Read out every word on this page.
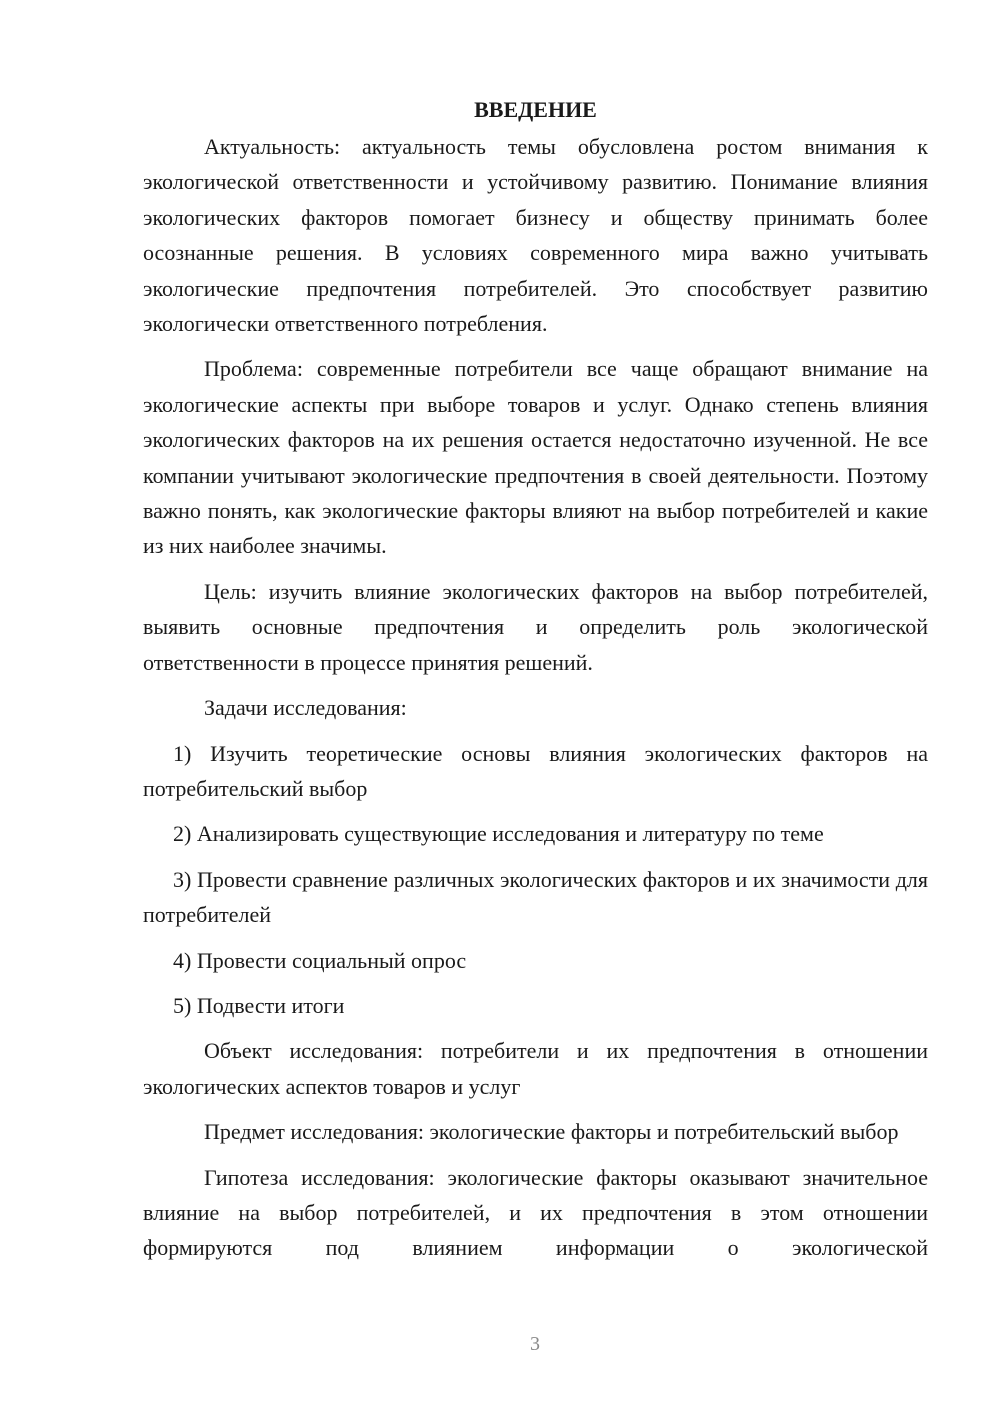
ВВЕДЕНИЕ

Актуальность: актуальность темы обусловлена ростом внимания к экологической ответственности и устойчивому развитию. Понимание влияния экологических факторов помогает бизнесу и обществу принимать более осознанные решения. В условиях современного мира важно учитывать экологические предпочтения потребителей. Это способствует развитию экологически ответственного потребления.

Проблема: современные потребители все чаще обращают внимание на экологические аспекты при выборе товаров и услуг. Однако степень влияния экологических факторов на их решения остается недостаточно изученной. Не все компании учитывают экологические предпочтения в своей деятельности. Поэтому важно понять, как экологические факторы влияют на выбор потребителей и какие из них наиболее значимы.

Цель: изучить влияние экологических факторов на выбор потребителей, выявить основные предпочтения и определить роль экологической ответственности в процессе принятия решений.

Задачи исследования:

1) Изучить теоретические основы влияния экологических факторов на потребительский выбор

2) Анализировать существующие исследования и литературу по теме

3) Провести сравнение различных экологических факторов и их значимости для потребителей

4) Провести социальный опрос

5) Подвести итоги

Объект исследования: потребители и их предпочтения в отношении экологических аспектов товаров и услуг

Предмет исследования: экологические факторы и потребительский выбор

Гипотеза исследования: экологические факторы оказывают значительное влияние на выбор потребителей, и их предпочтения в этом отношении формируются под влиянием информации о экологической

3
